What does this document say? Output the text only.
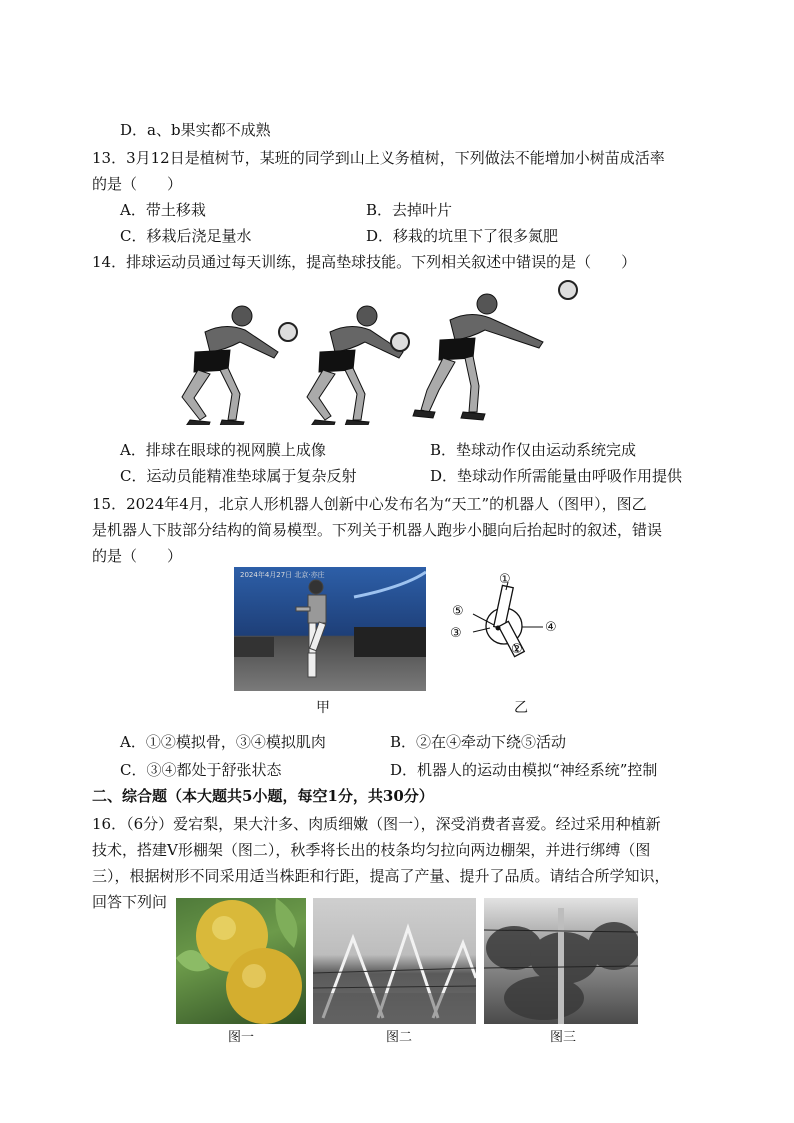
D．a、b果实都不成熟
13．3月12日是植树节，某班的同学到山上义务植树，下列做法不能增加小树苗成活率
的是（　　）
A．带土移栽	B．去掉叶片
C．移栽后浇足量水	D．移栽的坑里下了很多氮肥
14．排球运动员通过每天训练，提高垫球技能。下列相关叙述中错误的是（　　）
A．排球在眼球的视网膜上成像	B．垫球动作仅由运动系统完成
C．运动员能精准垫球属于复杂反射	D．垫球动作所需能量由呼吸作用提供
15．2024年4月，北京人形机器人创新中心发布名为“天工”的机器人（图甲），图乙
是机器人下肢部分结构的简易模型。下列关于机器人跑步小腿向后抬起时的叙述，错误
的是（　　）
2024年4月27日 北京·亦庄
甲
①
②
③	④
⑤
乙
A．①②模拟骨，③④模拟肌肉	B．②在④牵动下绕⑤活动
C．③④都处于舒张状态	D．机器人的运动由模拟“神经系统”控制
二、综合题（本大题共5小题，每空1分，共30分）
16．（6分）爱宕梨，果大汁多、肉质细嫩（图一），深受消费者喜爱。经过采用种植新
技术，搭建V形棚架（图二），秋季将长出的枝条均匀拉向两边棚架，并进行绑缚（图
三），根据树形不同采用适当株距和行距，提高了产量、提升了品质。请结合所学知识，
回答下列问
图一	图二	图三
